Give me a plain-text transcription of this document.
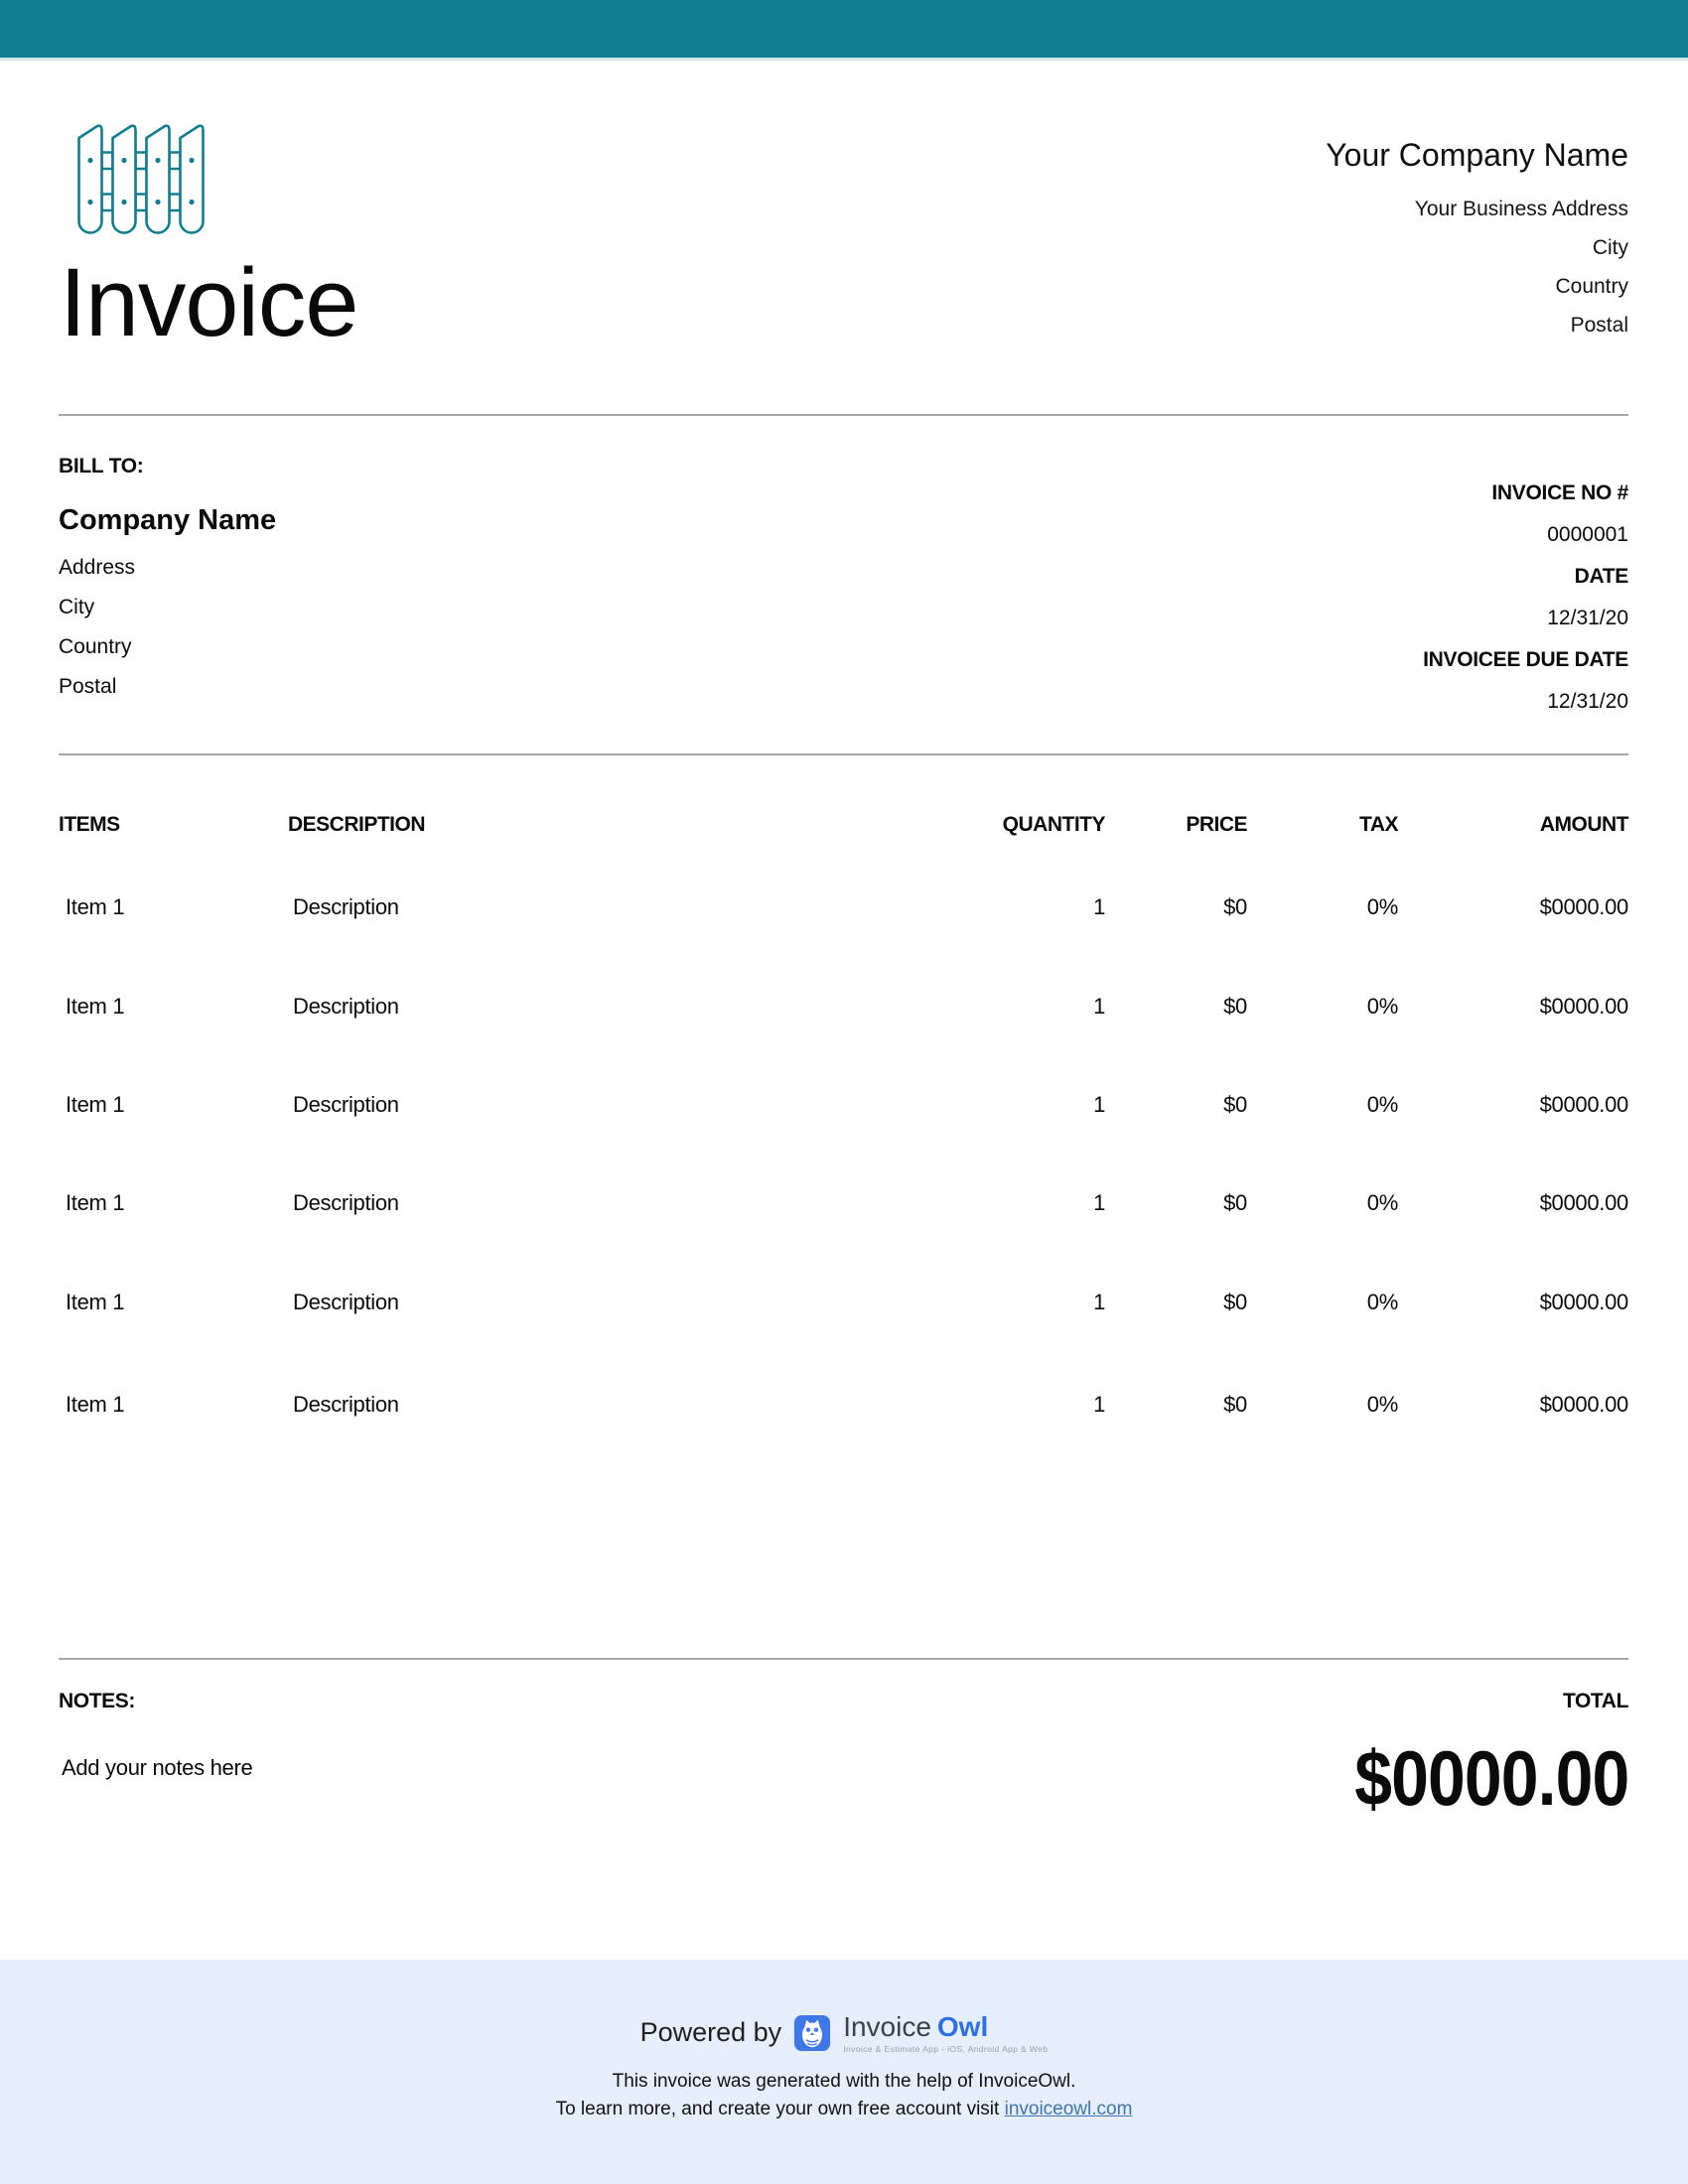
Invoice
Your Company Name
Your Business Address
City
Country
Postal
BILL TO:
Company Name
Address
City
Country
Postal
INVOICE NO #
0000001
DATE
12/31/20
INVOICEE DUE DATE
12/31/20
ITEMS	DESCRIPTION	QUANTITY	PRICE	TAX	AMOUNT
Item 1	Description	1	$0	0%	$0000.00
Item 1	Description	1	$0	0%	$0000.00
Item 1	Description	1	$0	0%	$0000.00
Item 1	Description	1	$0	0%	$0000.00
Item 1	Description	1	$0	0%	$0000.00
Item 1	Description	1	$0	0%	$0000.00
NOTES:	TOTAL
Add your notes here	$0000.00
Powered by Invoice Owl
Invoice & Estimate App - iOS, Android App & Web
This invoice was generated with the help of InvoiceOwl.
To learn more, and create your own free account visit invoiceowl.com
